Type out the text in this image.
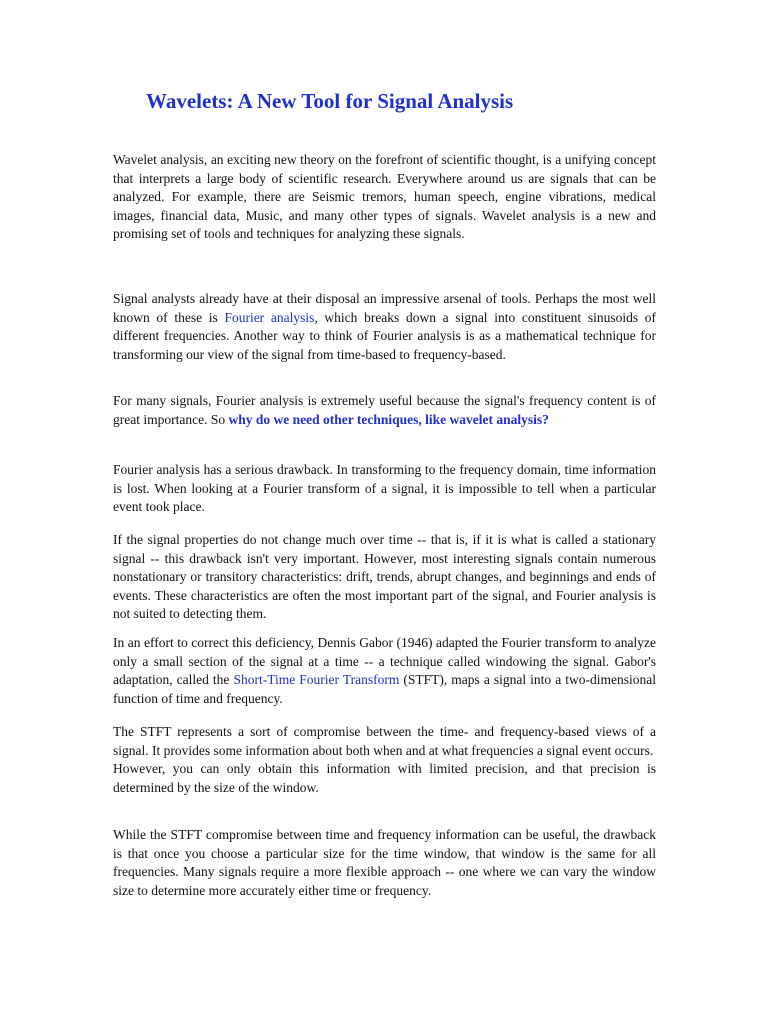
Wavelets: A New Tool for Signal Analysis

Wavelet analysis, an exciting new theory on the forefront of scientific thought, is a unifying concept that interprets a large body of scientific research. Everywhere around us are signals that can be analyzed. For example, there are Seismic tremors, human speech, engine vibrations, medical images, financial data, Music, and many other types of signals. Wavelet analysis is a new and promising set of tools and techniques for analyzing these signals.

Signal analysts already have at their disposal an impressive arsenal of tools. Perhaps the most well known of these is Fourier analysis, which breaks down a signal into constituent sinusoids of different frequencies. Another way to think of Fourier analysis is as a mathematical technique for transforming our view of the signal from time-based to frequency-based.

For many signals, Fourier analysis is extremely useful because the signal's frequency content is of great importance. So why do we need other techniques, like wavelet analysis?

Fourier analysis has a serious drawback. In transforming to the frequency domain, time information is lost. When looking at a Fourier transform of a signal, it is impossible to tell when a particular event took place.

If the signal properties do not change much over time -- that is, if it is what is called a stationary signal -- this drawback isn't very important. However, most interesting signals contain numerous nonstationary or transitory characteristics: drift, trends, abrupt changes, and beginnings and ends of events. These characteristics are often the most important part of the signal, and Fourier analysis is not suited to detecting them.

In an effort to correct this deficiency, Dennis Gabor (1946) adapted the Fourier transform to analyze only a small section of the signal at a time -- a technique called windowing the signal. Gabor's adaptation, called the Short-Time Fourier Transform (STFT), maps a signal into a two-dimensional function of time and frequency.

The STFT represents a sort of compromise between the time- and frequency-based views of a signal. It provides some information about both when and at what frequencies a signal event occurs.
However, you can only obtain this information with limited precision, and that precision is determined by the size of the window.

While the STFT compromise between time and frequency information can be useful, the drawback is that once you choose a particular size for the time window, that window is the same for all frequencies. Many signals require a more flexible approach -- one where we can vary the window size to determine more accurately either time or frequency.
